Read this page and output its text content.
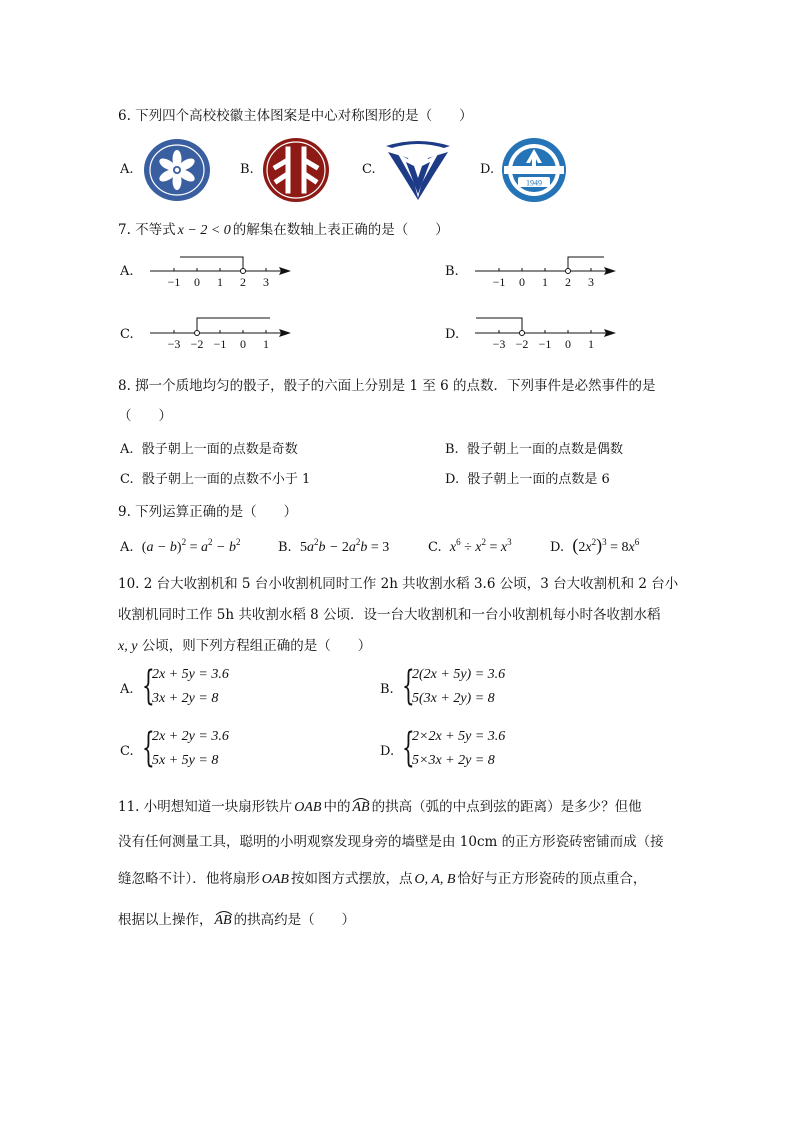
6. 下列四个高校校徽主体图案是中心对称图形的是（　　）
A.	B.	C.	D.
1949
7. 不等式 x − 2 < 0 的解集在数轴上表正确的是（　　）
A.
−1 0 1 2 3
B.
−1 0 1 2 3
C.
−3 −2 −1 0 1
D.
−3 −2 −1 0 1
8. 掷一个质地均匀的骰子，骰子的六面上分别是 1 至 6 的点数．下列事件是必然事件的是
（　　）
A. 骰子朝上一面的点数是奇数	B. 骰子朝上一面的点数是偶数
C. 骰子朝上一面的点数不小于 1	D. 骰子朝上一面的点数是 6
9. 下列运算正确的是（　　）
A. $(a - b)^2 = a^2 - b^2$	B. $5a^2b - 2a^2b = 3$	C. $x^6 \div x^2 = x^3$	D. $(2x^2)^3 = 8x^6$
10. 2 台大收割机和 5 台小收割机同时工作 2h 共收割水稻 3.6 公顷，3 台大收割机和 2 台小
收割机同时工作 5h 共收割水稻 8 公顷．设一台大收割机和一台小收割机每小时各收割水稻
x, y 公顷，则下列方程组正确的是（　　）
A. {
2x + 5y = 3.6
3x + 2y = 8
B. {
2(2x + 5y) = 3.6
5(3x + 2y) = 8
C. {
2x + 2y = 3.6
5x + 5y = 8
D. {
2×2x + 5y = 3.6
5×3x + 2y = 8
11. 小明想知道一块扇形铁片 OAB 中的 AB 的拱高（弧的中点到弦的距离）是多少？但他
没有任何测量工具，聪明的小明观察发现身旁的墙壁是由 10cm 的正方形瓷砖密铺而成（接
缝忽略不计）．他将扇形 OAB 按如图方式摆放，点 O, A, B 恰好与正方形瓷砖的顶点重合，
根据以上操作， AB 的拱高约是（　　）
